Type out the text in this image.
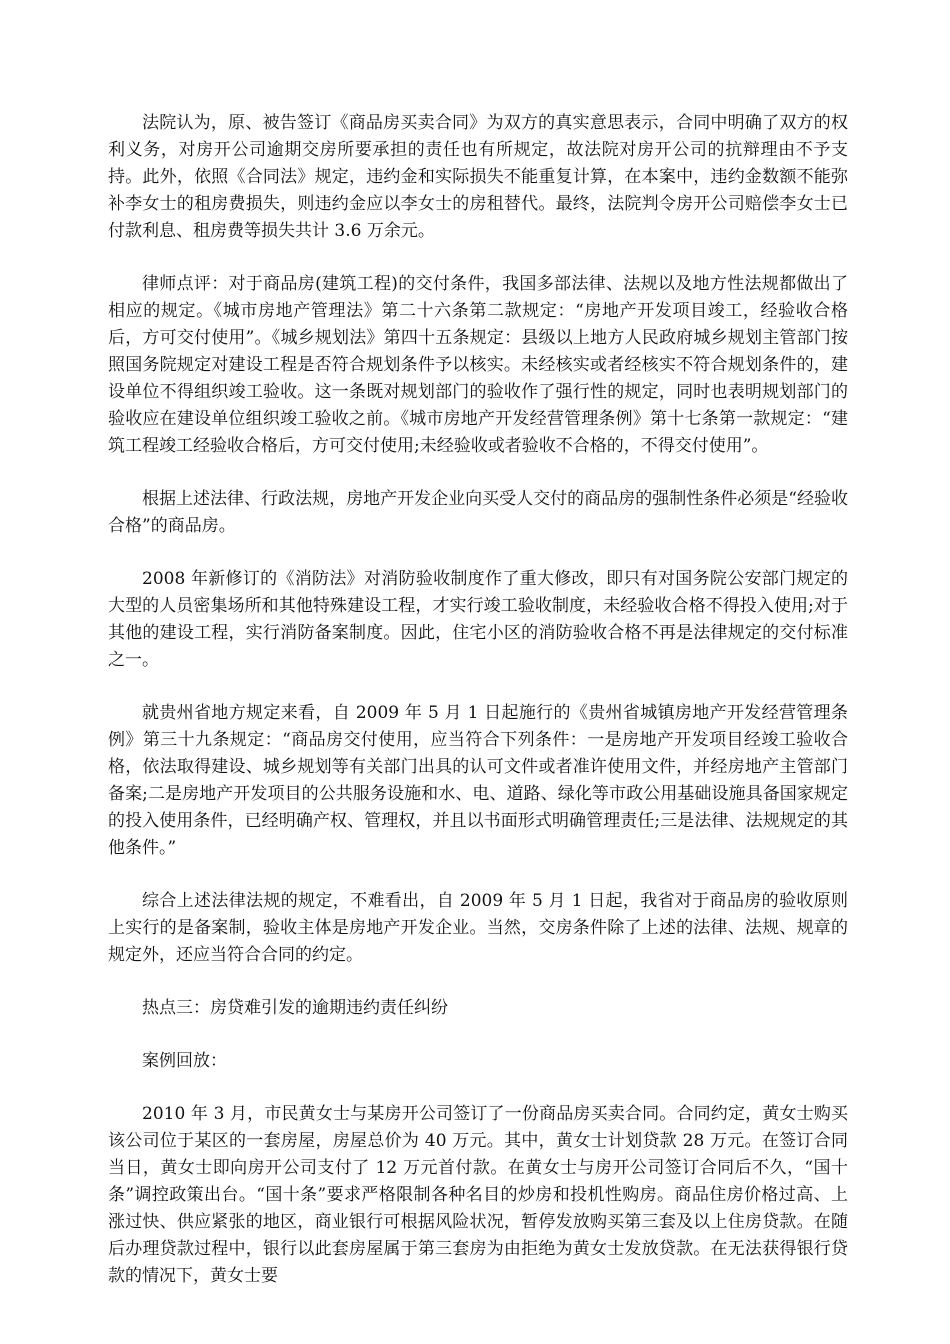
法院认为，原、被告签订《商品房买卖合同》为双方的真实意思表示，合同中明确了双方的权利义务，对房开公司逾期交房所要承担的责任也有所规定，故法院对房开公司的抗辩理由不予支持。此外，依照《合同法》规定，违约金和实际损失不能重复计算，在本案中，违约金数额不能弥补李女士的租房费损失，则违约金应以李女士的房租替代。最终，法院判令房开公司赔偿李女士已付款利息、租房费等损失共计 3.6 万余元。

律师点评：对于商品房(建筑工程)的交付条件，我国多部法律、法规以及地方性法规都做出了相应的规定。《城市房地产管理法》第二十六条第二款规定：“房地产开发项目竣工，经验收合格后，方可交付使用”。《城乡规划法》第四十五条规定：县级以上地方人民政府城乡规划主管部门按照国务院规定对建设工程是否符合规划条件予以核实。未经核实或者经核实不符合规划条件的，建设单位不得组织竣工验收。这一条既对规划部门的验收作了强行性的规定，同时也表明规划部门的验收应在建设单位组织竣工验收之前。《城市房地产开发经营管理条例》第十七条第一款规定：“建筑工程竣工经验收合格后，方可交付使用;未经验收或者验收不合格的，不得交付使用”。

根据上述法律、行政法规，房地产开发企业向买受人交付的商品房的强制性条件必须是“经验收合格”的商品房。

2008 年新修订的《消防法》对消防验收制度作了重大修改，即只有对国务院公安部门规定的大型的人员密集场所和其他特殊建设工程，才实行竣工验收制度，未经验收合格不得投入使用;对于其他的建设工程，实行消防备案制度。因此，住宅小区的消防验收合格不再是法律规定的交付标准之一。

就贵州省地方规定来看，自 2009 年 5 月 1 日起施行的《贵州省城镇房地产开发经营管理条例》第三十九条规定：“商品房交付使用，应当符合下列条件：一是房地产开发项目经竣工验收合格，依法取得建设、城乡规划等有关部门出具的认可文件或者准许使用文件，并经房地产主管部门备案;二是房地产开发项目的公共服务设施和水、电、道路、绿化等市政公用基础设施具备国家规定的投入使用条件，已经明确产权、管理权，并且以书面形式明确管理责任;三是法律、法规规定的其他条件。”

综合上述法律法规的规定，不难看出，自 2009 年 5 月 1 日起，我省对于商品房的验收原则上实行的是备案制，验收主体是房地产开发企业。当然，交房条件除了上述的法律、法规、规章的规定外，还应当符合合同的约定。

热点三：房贷难引发的逾期违约责任纠纷

案例回放：

2010 年 3 月，市民黄女士与某房开公司签订了一份商品房买卖合同。合同约定，黄女士购买该公司位于某区的一套房屋，房屋总价为 40 万元。其中，黄女士计划贷款 28 万元。在签订合同当日，黄女士即向房开公司支付了 12 万元首付款。在黄女士与房开公司签订合同后不久，“国十条”调控政策出台。“国十条”要求严格限制各种名目的炒房和投机性购房。商品住房价格过高、上涨过快、供应紧张的地区，商业银行可根据风险状况，暂停发放购买第三套及以上住房贷款。在随后办理贷款过程中，银行以此套房屋属于第三套房为由拒绝为黄女士发放贷款。在无法获得银行贷款的情况下，黄女士要
